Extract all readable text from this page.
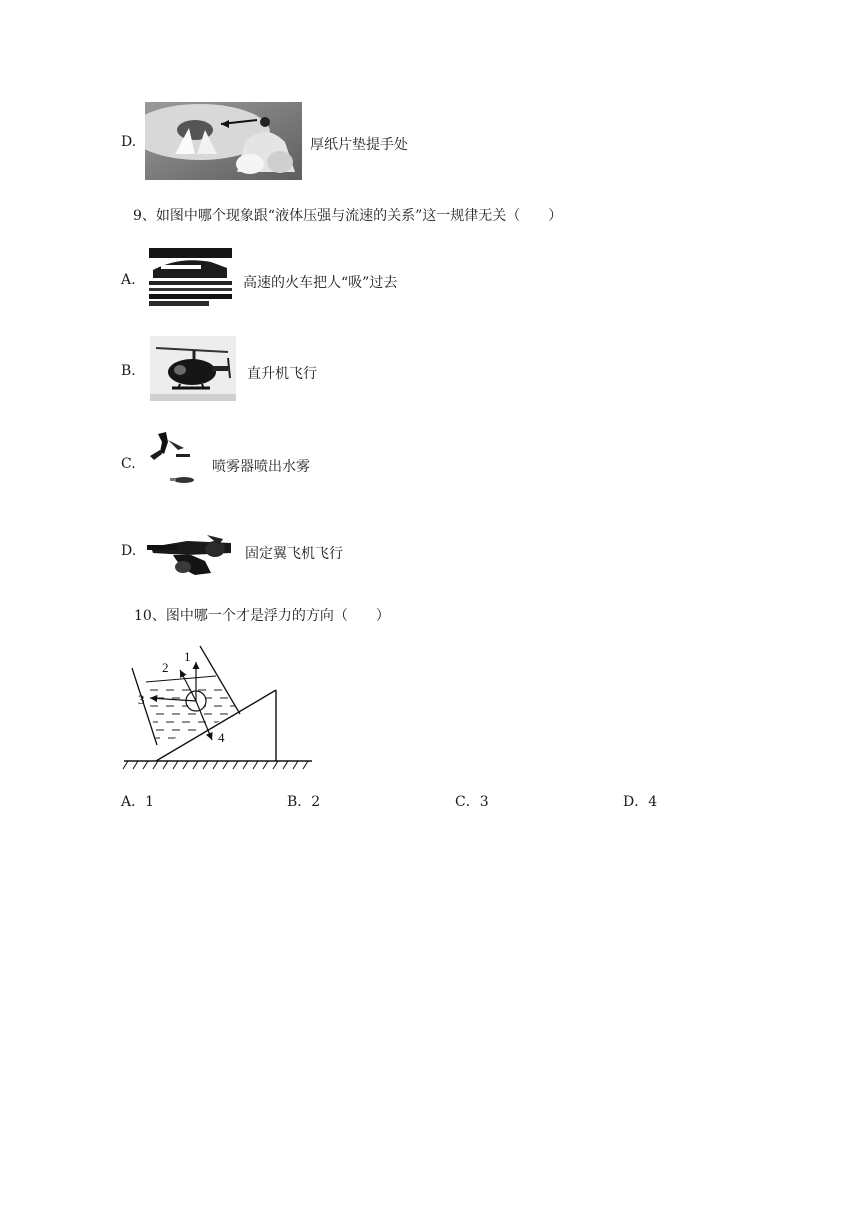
D.	厚纸片垫提手处
9、如图中哪个现象跟“液体压强与流速的关系”这一规律无关（　　）
A.	高速的火车把人“吸”过去
B.	直升机飞行
C.	喷雾器喷出水雾
D.	固定翼飞机飞行
10、图中哪一个才是浮力的方向（　　）
1
2
3
4
A．1	B．2	C．3	D．4
